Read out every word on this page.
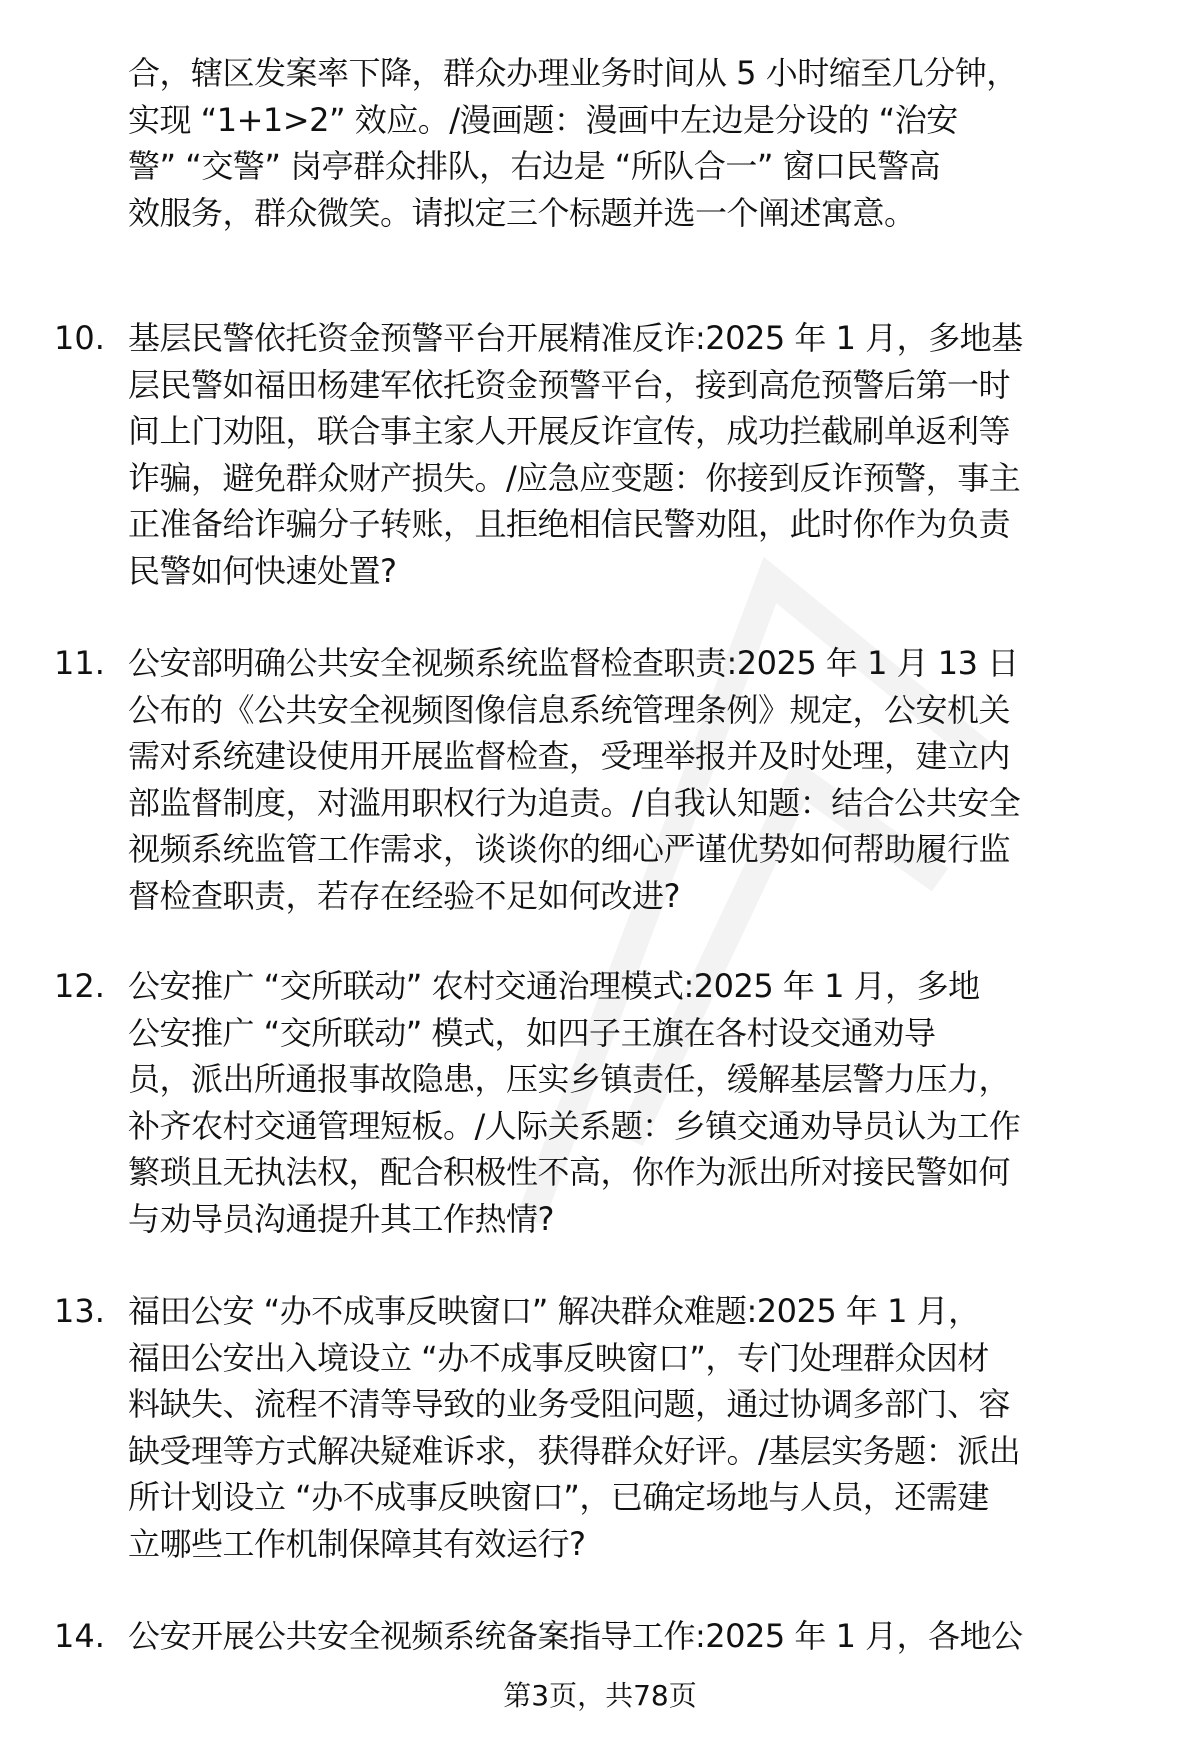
合，辖区发案率下降，群众办理业务时间从 5 小时缩至几分钟，
实现 “1+1>2” 效应。/漫画题：漫画中左边是分设的 “治安
警” “交警” 岗亭群众排队，右边是 “所队合一” 窗口民警高
效服务，群众微笑。请拟定三个标题并选一个阐述寓意。
10. 基层民警依托资金预警平台开展精准反诈:2025 年 1 月，多地基
层民警如福田杨建军依托资金预警平台，接到高危预警后第一时
间上门劝阻，联合事主家人开展反诈宣传，成功拦截刷单返利等
诈骗，避免群众财产损失。/应急应变题：你接到反诈预警，事主
正准备给诈骗分子转账，且拒绝相信民警劝阻，此时你作为负责
民警如何快速处置?
11. 公安部明确公共安全视频系统监督检查职责:2025 年 1 月 13 日
公布的《公共安全视频图像信息系统管理条例》规定，公安机关
需对系统建设使用开展监督检查，受理举报并及时处理，建立内
部监督制度，对滥用职权行为追责。/自我认知题：结合公共安全
视频系统监管工作需求，谈谈你的细心严谨优势如何帮助履行监
督检查职责，若存在经验不足如何改进?
12. 公安推广 “交所联动” 农村交通治理模式:2025 年 1 月，多地
公安推广 “交所联动” 模式，如四子王旗在各村设交通劝导
员，派出所通报事故隐患，压实乡镇责任，缓解基层警力压力，
补齐农村交通管理短板。/人际关系题：乡镇交通劝导员认为工作
繁琐且无执法权，配合积极性不高，你作为派出所对接民警如何
与劝导员沟通提升其工作热情?
13. 福田公安 “办不成事反映窗口” 解决群众难题:2025 年 1 月，
福田公安出入境设立 “办不成事反映窗口”，专门处理群众因材
料缺失、流程不清等导致的业务受阻问题，通过协调多部门、容
缺受理等方式解决疑难诉求，获得群众好评。/基层实务题：派出
所计划设立 “办不成事反映窗口”，已确定场地与人员，还需建
立哪些工作机制保障其有效运行?
14. 公安开展公共安全视频系统备案指导工作:2025 年 1 月，各地公
第3页，共78页
